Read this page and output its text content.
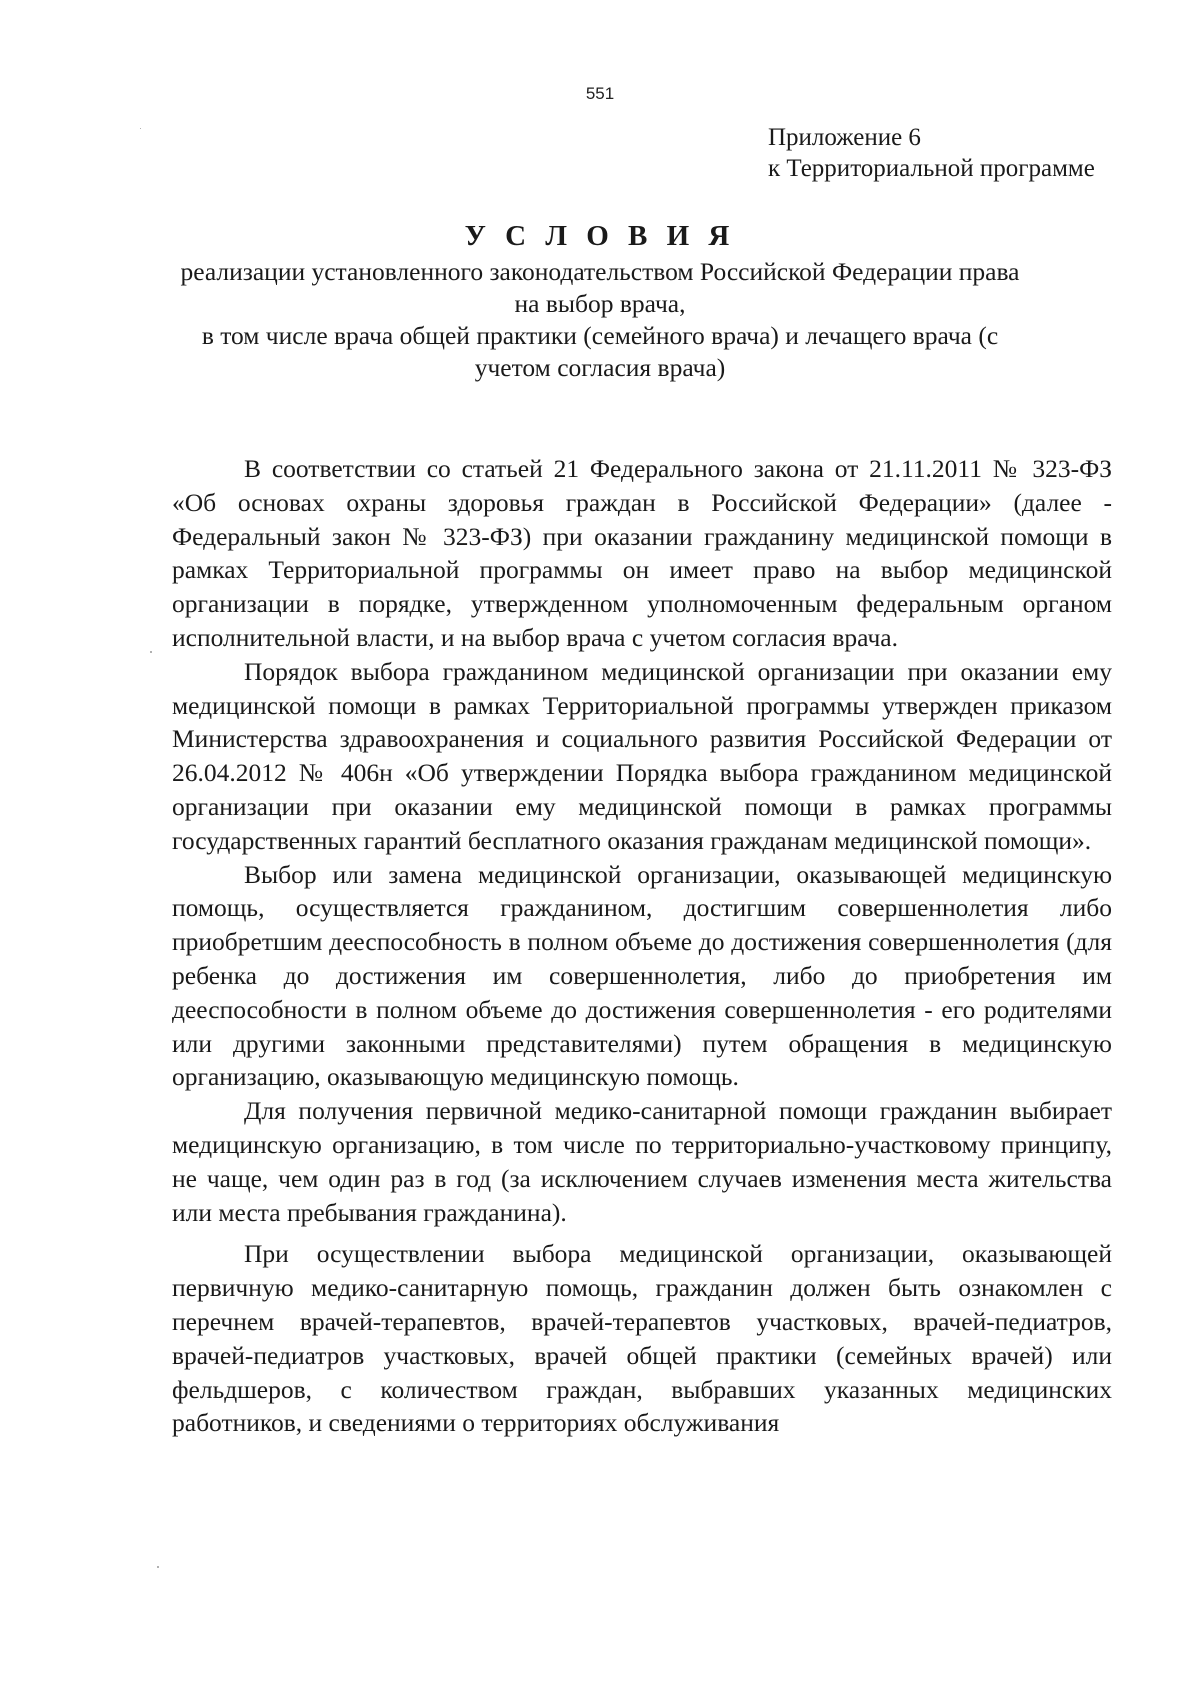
551
Приложение 6
к Территориальной программе
У С Л О В И Я
реализации установленного законодательством Российской Федерации права
на выбор врача,
в том числе врача общей практики (семейного врача) и лечащего врача (с
учетом согласия врача)

В соответствии со статьей 21 Федерального закона от 21.11.2011 № 323-ФЗ «Об основах охраны здоровья граждан в Российской Федерации» (далее - Федеральный закон № 323-ФЗ) при оказании гражданину медицинской помощи в рамках Территориальной программы он имеет право на выбор медицинской организации в порядке, утвержденном уполномоченным федеральным органом исполнительной власти, и на выбор врача с учетом согласия врача.

Порядок выбора гражданином медицинской организации при оказании ему медицинской помощи в рамках Территориальной программы утвержден приказом Министерства здравоохранения и социального развития Российской Федерации от 26.04.2012 № 406н «Об утверждении Порядка выбора гражданином медицинской организации при оказании ему медицинской помощи в рамках программы государственных гарантий бесплатного оказания гражданам медицинской помощи».

Выбор или замена медицинской организации, оказывающей медицинскую помощь, осуществляется гражданином, достигшим совершеннолетия либо приобретшим дееспособность в полном объеме до достижения совершеннолетия (для ребенка до достижения им совершеннолетия, либо до приобретения им дееспособности в полном объеме до достижения совершеннолетия - его родителями или другими законными представителями) путем обращения в медицинскую организацию, оказывающую медицинскую помощь.

Для получения первичной медико-санитарной помощи гражданин выбирает медицинскую организацию, в том числе по территориально-участковому принципу, не чаще, чем один раз в год (за исключением случаев изменения места жительства или места пребывания гражданина).

При осуществлении выбора медицинской организации, оказывающей первичную медико-санитарную помощь, гражданин должен быть ознакомлен с перечнем врачей-терапевтов, врачей-терапевтов участковых, врачей-педиатров, врачей-педиатров участковых, врачей общей практики (семейных врачей) или фельдшеров, с количеством граждан, выбравших указанных медицинских работников, и сведениями о территориях обслуживания
